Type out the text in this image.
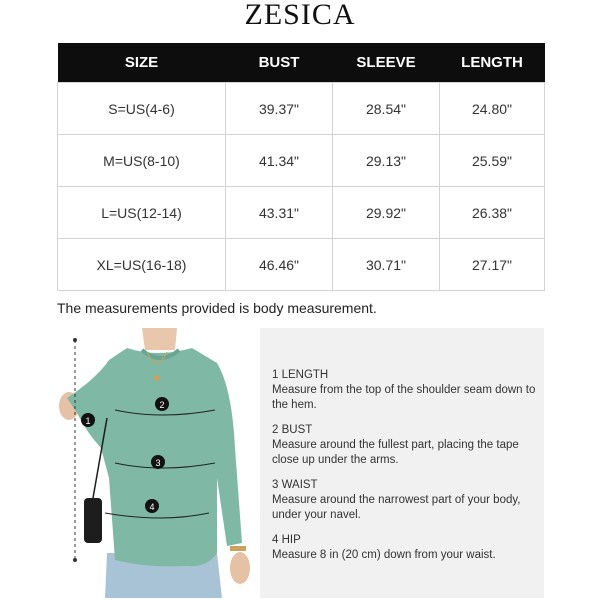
ZESICA
SIZE	BUST	SLEEVE	LENGTH
S=US(4-6)	39.37"	28.54"	24.80"
M=US(8-10)	41.34"	29.13"	25.59"
L=US(12-14)	43.31"	29.92"	26.38"
XL=US(16-18)	46.46"	30.71"	27.17"
The measurements provided is body measurement.
1
2
3
4
1 LENGTH
Measure from the top of the shoulder seam down to the hem.
2 BUST
Measure around the fullest part, placing the tape close up under the arms.
3 WAIST
Measure around the narrowest part of your body, under your navel.
4 HIP
Measure 8 in (20 cm) down from your waist.
